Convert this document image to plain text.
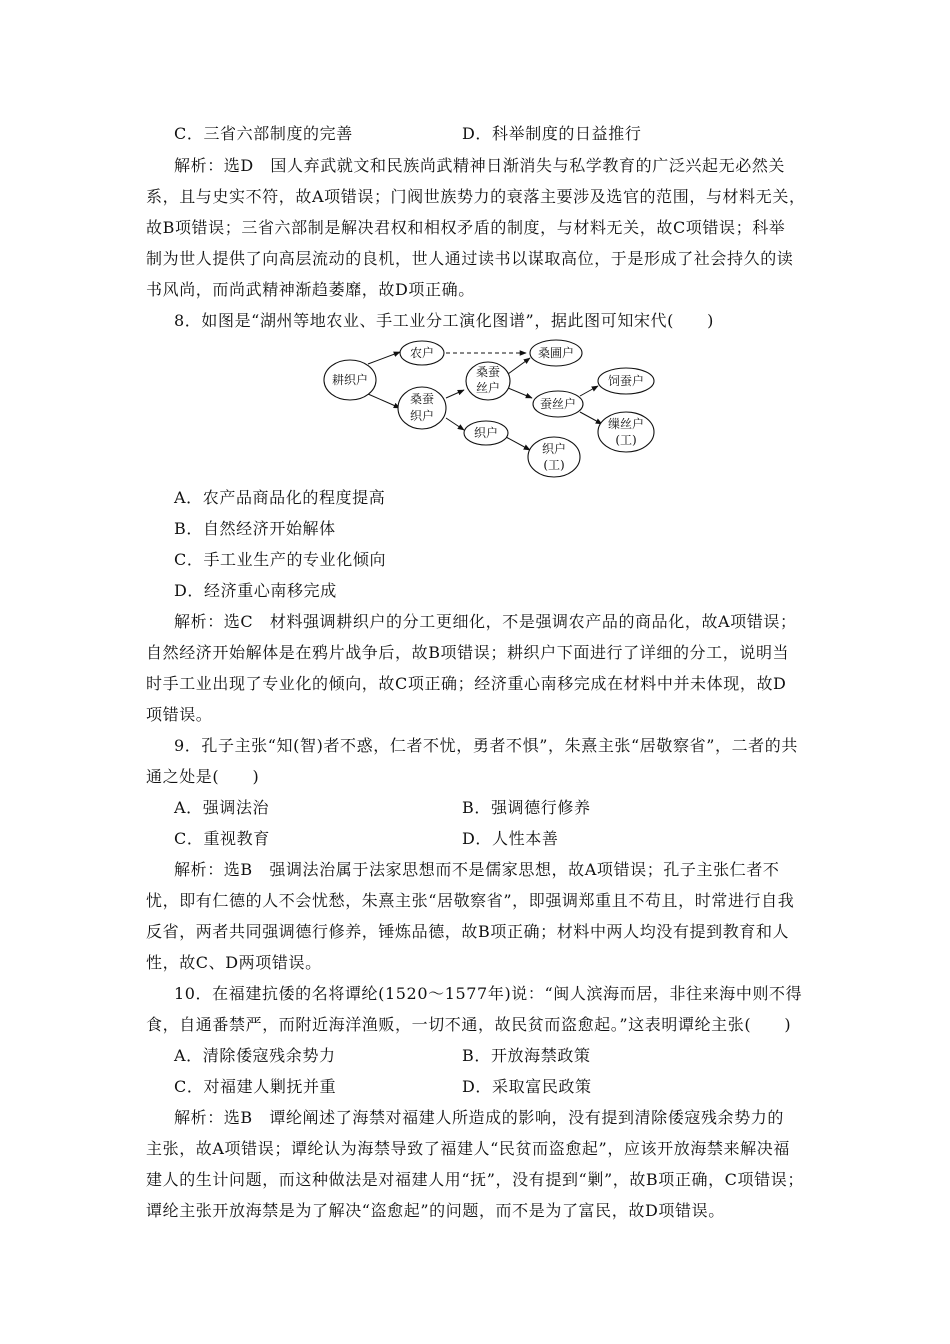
C．三省六部制度的完善	D．科举制度的日益推行
解析：选D　国人弃武就文和民族尚武精神日渐消失与私学教育的广泛兴起无必然关
系，且与史实不符，故A项错误；门阀世族势力的衰落主要涉及选官的范围，与材料无关，
故B项错误；三省六部制是解决君权和相权矛盾的制度，与材料无关，故C项错误；科举
制为世人提供了向高层流动的良机，世人通过读书以谋取高位，于是形成了社会持久的读
书风尚，而尚武精神渐趋萎靡，故D项正确。
8．如图是“湖州等地农业、手工业分工演化图谱”，据此图可知宋代(　　)
耕织户
农户	桑圃户
桑蚕
织户
桑蚕
丝户
蚕丝户
饲蚕户
织户
缫丝户
(工)
织户
(工)
A．农产品商品化的程度提高
B．自然经济开始解体
C．手工业生产的专业化倾向
D．经济重心南移完成
解析：选C　材料强调耕织户的分工更细化，不是强调农产品的商品化，故A项错误；
自然经济开始解体是在鸦片战争后，故B项错误；耕织户下面进行了详细的分工，说明当
时手工业出现了专业化的倾向，故C项正确；经济重心南移完成在材料中并未体现，故D
项错误。
9．孔子主张“知(智)者不惑，仁者不忧，勇者不惧”，朱熹主张“居敬察省”，二者的共
通之处是(　　)
A．强调法治	B．强调德行修养
C．重视教育	D．人性本善
解析：选B　强调法治属于法家思想而不是儒家思想，故A项错误；孔子主张仁者不
忧，即有仁德的人不会忧愁，朱熹主张“居敬察省”，即强调郑重且不苟且，时常进行自我
反省，两者共同强调德行修养，锤炼品德，故B项正确；材料中两人均没有提到教育和人
性，故C、D两项错误。
10．在福建抗倭的名将谭纶(1520～1577年)说：“闽人滨海而居，非往来海中则不得
食，自通番禁严，而附近海洋渔贩，一切不通，故民贫而盗愈起。”这表明谭纶主张(　　)
A．清除倭寇残余势力	B．开放海禁政策
C．对福建人剿抚并重	D．采取富民政策
解析：选B　谭纶阐述了海禁对福建人所造成的影响，没有提到清除倭寇残余势力的
主张，故A项错误；谭纶认为海禁导致了福建人“民贫而盗愈起”，应该开放海禁来解决福
建人的生计问题，而这种做法是对福建人用“抚”，没有提到“剿”，故B项正确，C项错误；
谭纶主张开放海禁是为了解决“盗愈起”的问题，而不是为了富民，故D项错误。
